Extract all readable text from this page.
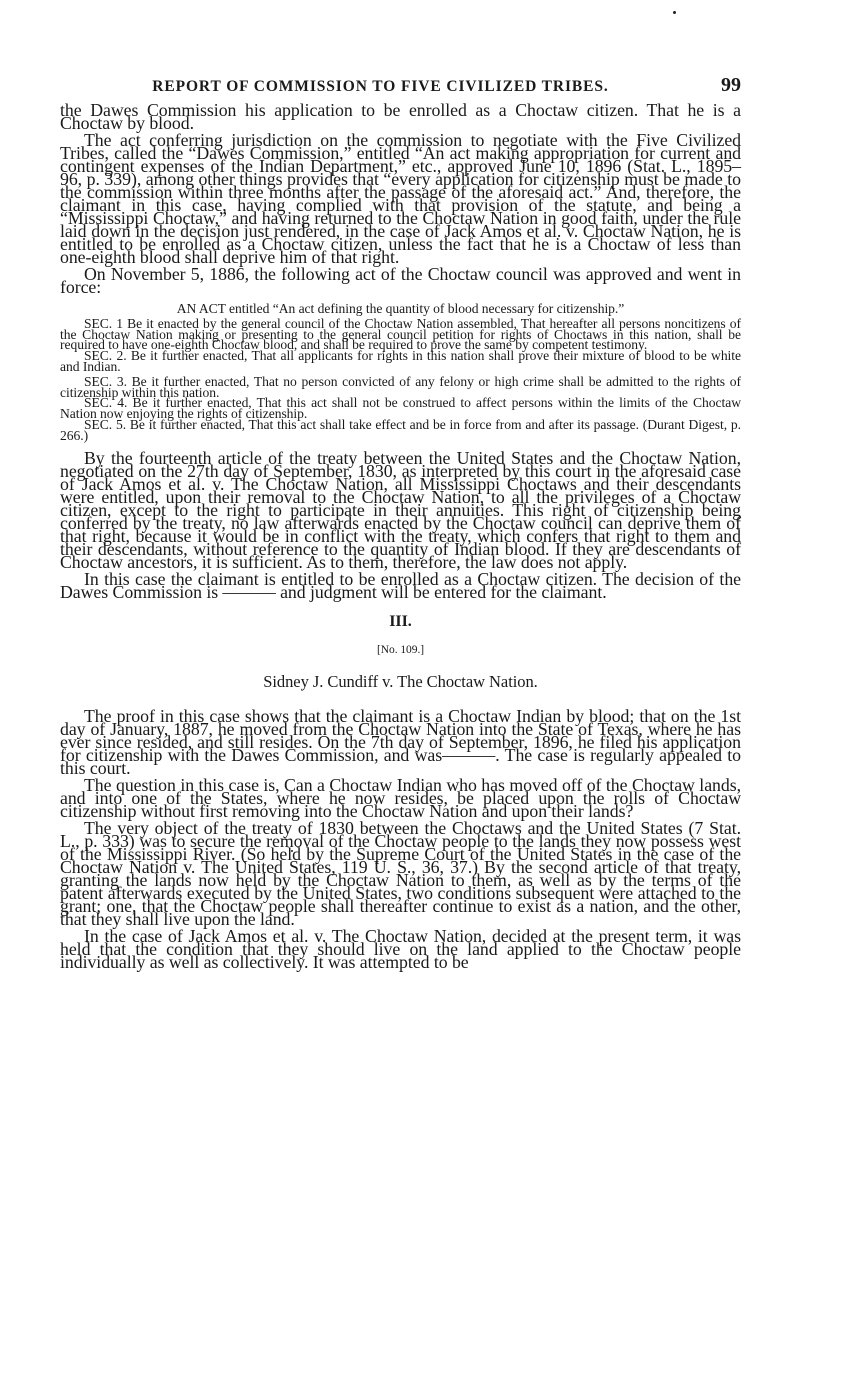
REPORT OF COMMISSION TO FIVE CIVILIZED TRIBES.	99

the Dawes Commission his application to be enrolled as a Choctaw citizen. That he is a Choctaw by blood.

The act conferring jurisdiction on the commission to negotiate with the Five Civilized Tribes, called the “Dawes Commission,” entitled “An act making appropriation for current and contingent expenses of the Indian Department,” etc., approved June 10, 1896 (Stat. L., 1895–96, p. 339), among other things provides that “every application for citizenship must be made to the commission within three months after the passage of the aforesaid act.” And, therefore, the claimant in this case, having complied with that provision of the statute, and being a “Mississippi Choctaw,” and having returned to the Choctaw Nation in good faith, under the rule laid down in the decision just rendered, in the case of Jack Amos et al. v. Choctaw Nation, he is entitled to be enrolled as a Choctaw citizen, unless the fact that he is a Choctaw of less than one-eighth blood shall deprive him of that right.

On November 5, 1886, the following act of the Choctaw council was approved and went in force:

AN ACT entitled “An act defining the quantity of blood necessary for citizenship.”

SEC. 1 Be it enacted by the general council of the Choctaw Nation assembled, That hereafter all persons noncitizens of the Choctaw Nation making or presenting to the general council petition for rights of Choctaws in this nation, shall be required to have one-eighth Choctaw blood, and shall be required to prove the same by competent testimony.

SEC. 2. Be it further enacted, That all applicants for rights in this nation shall prove their mixture of blood to be white and Indian.

SEC. 3. Be it further enacted, That no person convicted of any felony or high crime shall be admitted to the rights of citizenship within this nation.

SEC. 4. Be it further enacted, That this act shall not be construed to affect persons within the limits of the Choctaw Nation now enjoying the rights of citizenship.

SEC. 5. Be it further enacted, That this act shall take effect and be in force from and after its passage. (Durant Digest, p. 266.)

By the fourteenth article of the treaty between the United States and the Choctaw Nation, negotiated on the 27th day of September, 1830, as interpreted by this court in the aforesaid case of Jack Amos et al. v. The Choctaw Nation, all Mississippi Choctaws and their descendants were entitled, upon their removal to the Choctaw Nation, to all the privileges of a Choctaw citizen, except to the right to participate in their annuities. This right of citizenship being conferred by the treaty, no law afterwards enacted by the Choctaw council can deprive them of that right, because it would be in conflict with the treaty, which confers that right to them and their descendants, without reference to the quantity of Indian blood. If they are descendants of Choctaw ancestors, it is sufficient. As to them, therefore, the law does not apply.

In this case the claimant is entitled to be enrolled as a Choctaw citizen. The decision of the Dawes Commission is ——— and judgment will be entered for the claimant.

III.

[No. 109.]

Sidney J. Cundiff v. The Choctaw Nation.

The proof in this case shows that the claimant is a Choctaw Indian by blood; that on the 1st day of January, 1887, he moved from the Choctaw Nation into the State of Texas, where he has ever since resided, and still resides. On the 7th day of September, 1896, he filed his application for citizenship with the Dawes Commission, and was———. The case is regularly appealed to this court.

The question in this case is, Can a Choctaw Indian who has moved off of the Choctaw lands, and into one of the States, where he now resides, be placed upon the rolls of Choctaw citizenship without first removing into the Choctaw Nation and upon their lands?

The very object of the treaty of 1830 between the Choctaws and the United States (7 Stat. L., p. 333) was to secure the removal of the Choctaw people to the lands they now possess west of the Mississippi River. (So held by the Supreme Court of the United States in the case of the Choctaw Nation v. The United States, 119 U. S., 36, 37.) By the second article of that treaty, granting the lands now held by the Choctaw Nation to them, as well as by the terms of the patent afterwards executed by the United States, two conditions subsequent were attached to the grant; one, that the Choctaw people shall thereafter continue to exist as a nation, and the other, that they shall live upon the land.

In the case of Jack Amos et al. v. The Choctaw Nation, decided at the present term, it was held that the condition that they should live on the land applied to the Choctaw people individually as well as collectively. It was attempted to be
